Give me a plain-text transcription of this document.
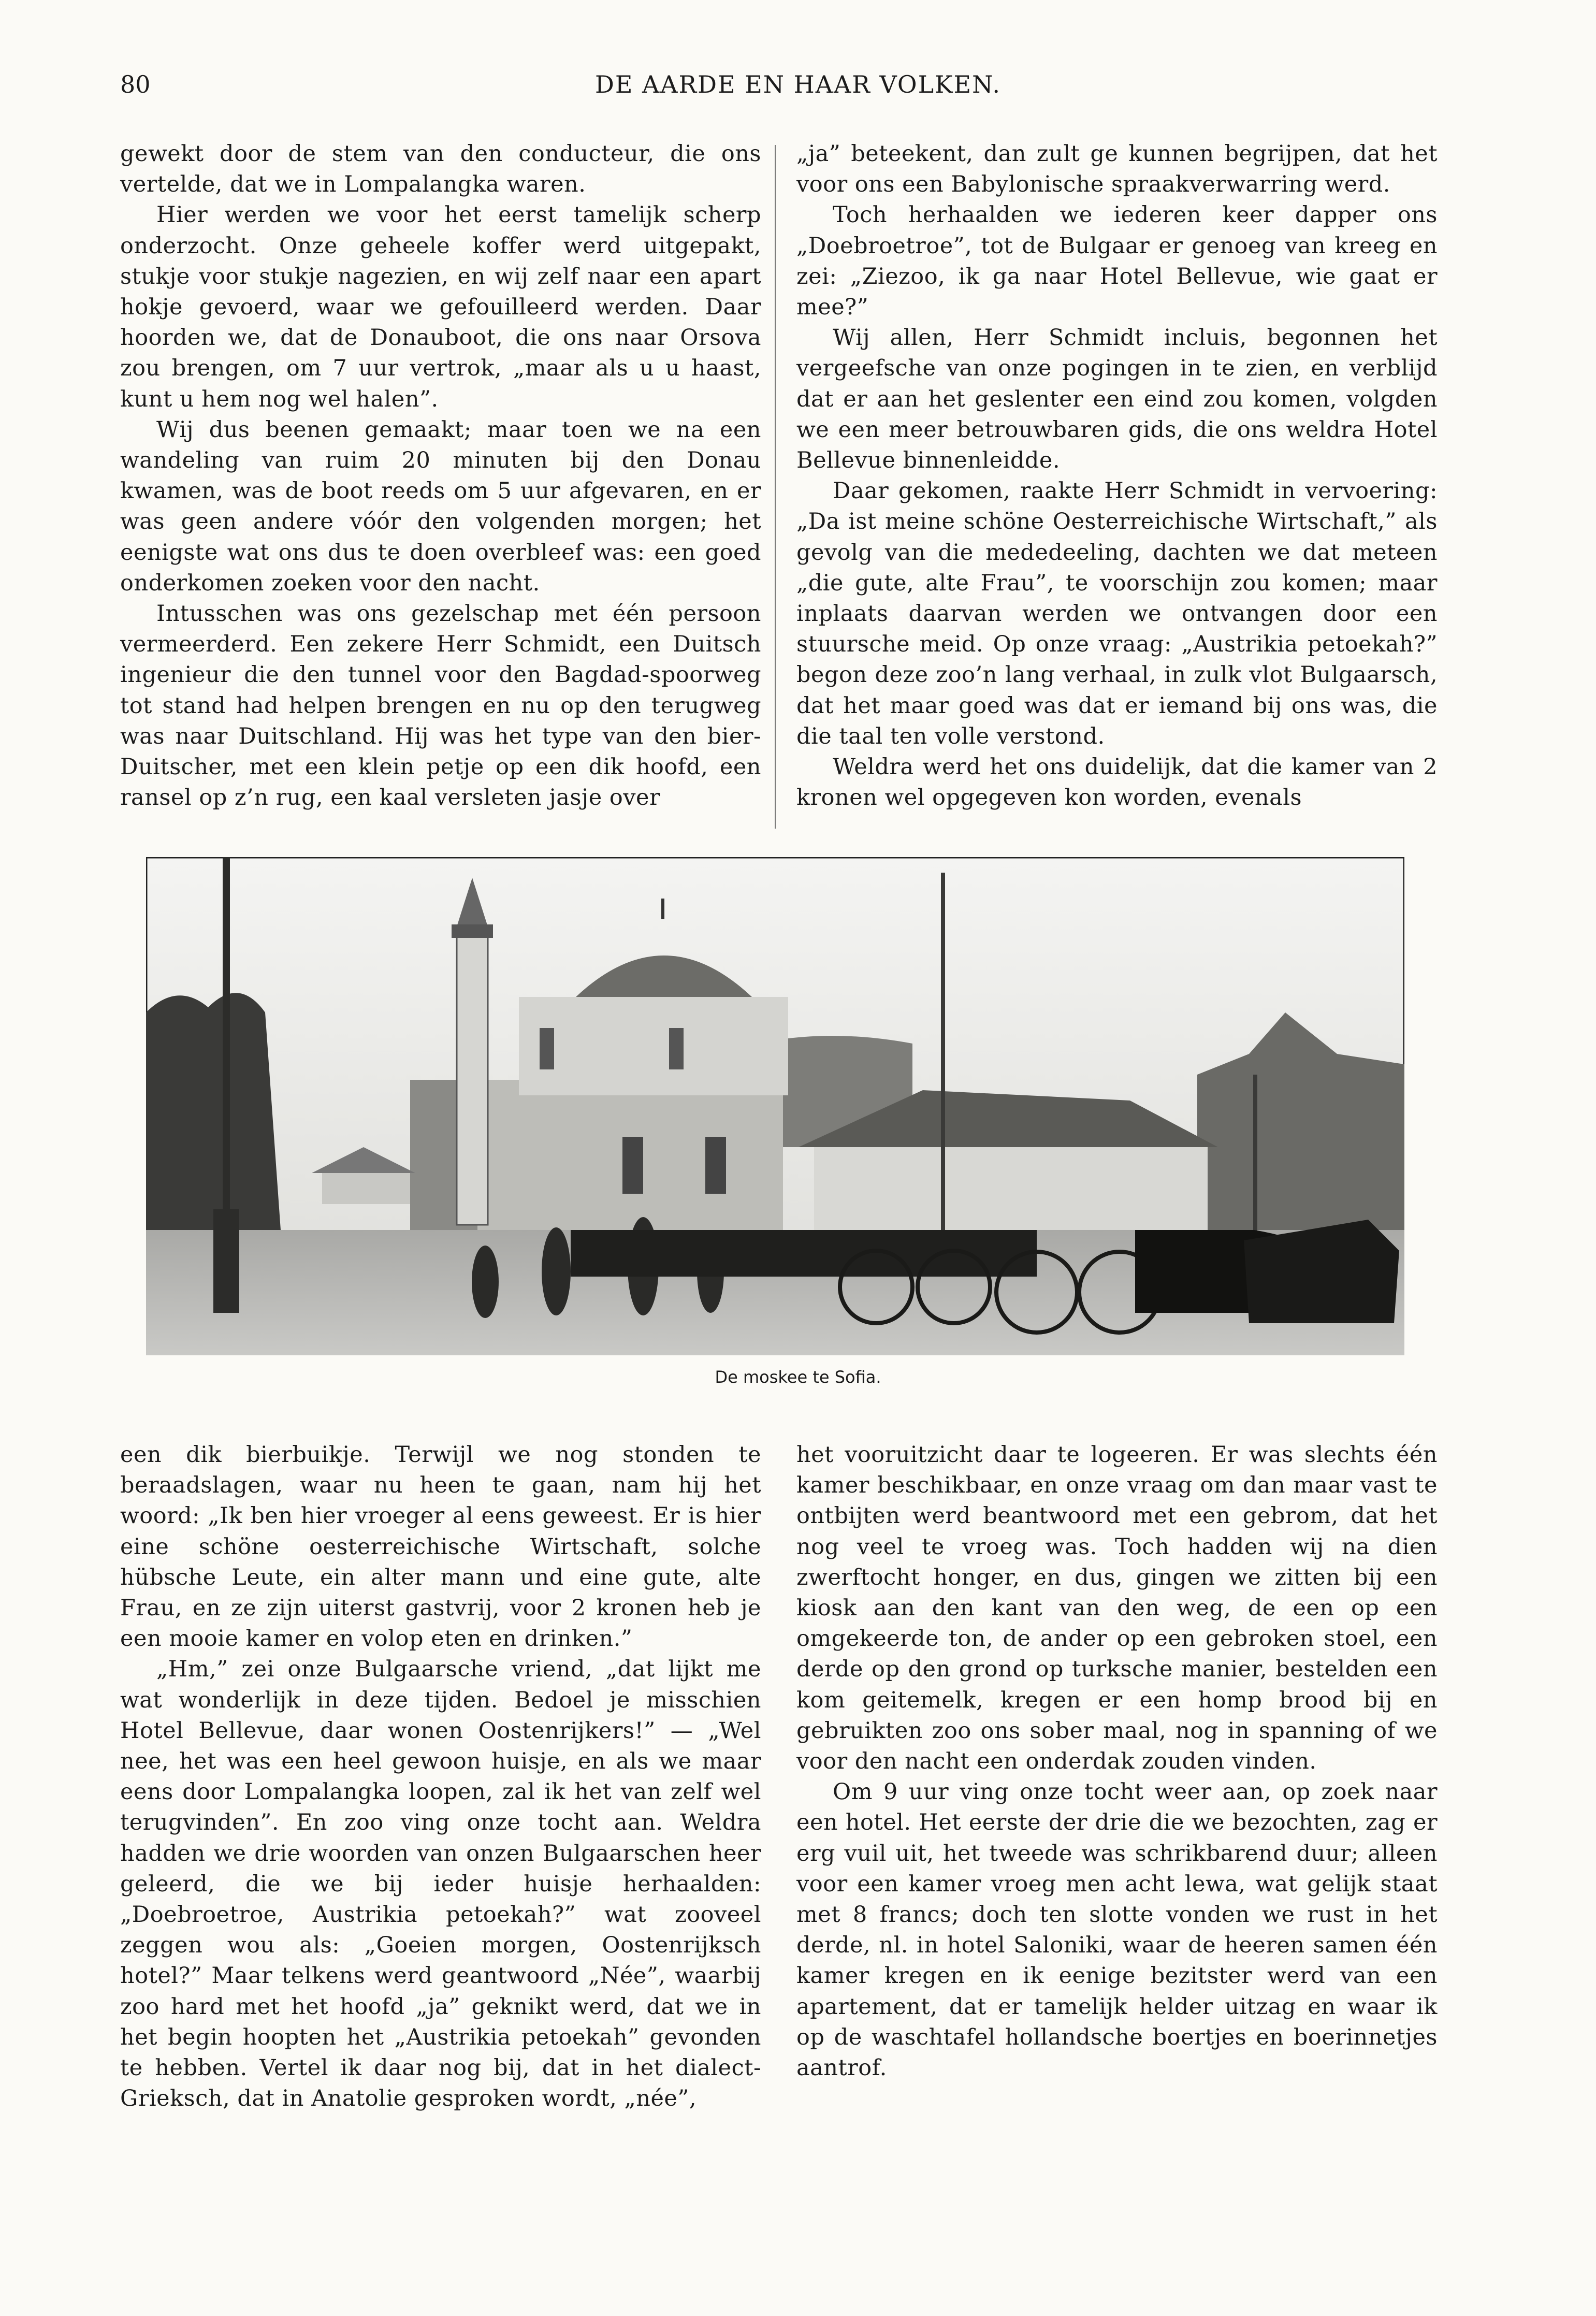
80	DE AARDE EN HAAR VOLKEN.

gewekt door de stem van den conducteur, die ons vertelde, dat we in Lompalangka waren.

Hier werden we voor het eerst tamelijk scherp onderzocht. Onze geheele koffer werd uitgepakt, stukje voor stukje nagezien, en wij zelf naar een apart hokje gevoerd, waar we gefouilleerd werden. Daar hoorden we, dat de Donauboot, die ons naar Orsova zou brengen, om 7 uur vertrok, „maar als u u haast, kunt u hem nog wel halen”.

Wij dus beenen gemaakt; maar toen we na een wandeling van ruim 20 minuten bij den Donau kwamen, was de boot reeds om 5 uur afgevaren, en er was geen andere vóór den volgenden morgen; het eenigste wat ons dus te doen overbleef was: een goed onderkomen zoeken voor den nacht.

Intusschen was ons gezelschap met één persoon vermeerderd. Een zekere Herr Schmidt, een Duitsch ingenieur die den tunnel voor den Bagdad-spoorweg tot stand had helpen brengen en nu op den terugweg was naar Duitschland. Hij was het type van den bier-Duitscher, met een klein petje op een dik hoofd, een ransel op z’n rug, een kaal versleten jasje over

„ja” beteekent, dan zult ge kunnen begrijpen, dat het voor ons een Babylonische spraakverwarring werd.

Toch herhaalden we iederen keer dapper ons „Doebroetroe”, tot de Bulgaar er genoeg van kreeg en zei: „Ziezoo, ik ga naar Hotel Bellevue, wie gaat er mee?”

Wij allen, Herr Schmidt incluis, begonnen het vergeefsche van onze pogingen in te zien, en verblijd dat er aan het geslenter een eind zou komen, volgden we een meer betrouwbaren gids, die ons weldra Hotel Bellevue binnenleidde.

Daar gekomen, raakte Herr Schmidt in vervoering: „Da ist meine schöne Oesterreichische Wirtschaft,” als gevolg van die mededeeling, dachten we dat meteen „die gute, alte Frau”, te voorschijn zou komen; maar inplaats daarvan werden we ontvangen door een stuursche meid. Op onze vraag: „Austrikia petoekah?” begon deze zoo’n lang verhaal, in zulk vlot Bulgaarsch, dat het maar goed was dat er iemand bij ons was, die die taal ten volle verstond.

Weldra werd het ons duidelijk, dat die kamer van 2 kronen wel opgegeven kon worden, evenals

De moskee te Sofia.

een dik bierbuikje. Terwijl we nog stonden te beraadslagen, waar nu heen te gaan, nam hij het woord: „Ik ben hier vroeger al eens geweest. Er is hier eine schöne oesterreichische Wirtschaft, solche hübsche Leute, ein alter mann und eine gute, alte Frau, en ze zijn uiterst gastvrij, voor 2 kronen heb je een mooie kamer en volop eten en drinken.”

„Hm,” zei onze Bulgaarsche vriend, „dat lijkt me wat wonderlijk in deze tijden. Bedoel je misschien Hotel Bellevue, daar wonen Oostenrijkers!” — „Wel nee, het was een heel gewoon huisje, en als we maar eens door Lompalangka loopen, zal ik het van zelf wel terugvinden”. En zoo ving onze tocht aan. Weldra hadden we drie woorden van onzen Bulgaarschen heer geleerd, die we bij ieder huisje herhaalden: „Doebroetroe, Austrikia petoekah?” wat zooveel zeggen wou als: „Goeien morgen, Oostenrijksch hotel?” Maar telkens werd geantwoord „Née”, waarbij zoo hard met het hoofd „ja” geknikt werd, dat we in het begin hoopten het „Austrikia petoekah” gevonden te hebben. Vertel ik daar nog bij, dat in het dialect-Grieksch, dat in Anatolie gesproken wordt, „née”,

het vooruitzicht daar te logeeren. Er was slechts één kamer beschikbaar, en onze vraag om dan maar vast te ontbijten werd beantwoord met een gebrom, dat het nog veel te vroeg was. Toch hadden wij na dien zwerftocht honger, en dus, gingen we zitten bij een kiosk aan den kant van den weg, de een op een omgekeerde ton, de ander op een gebroken stoel, een derde op den grond op turksche manier, bestelden een kom geitemelk, kregen er een homp brood bij en gebruikten zoo ons sober maal, nog in spanning of we voor den nacht een onderdak zouden vinden.

Om 9 uur ving onze tocht weer aan, op zoek naar een hotel. Het eerste der drie die we bezochten, zag er erg vuil uit, het tweede was schrikbarend duur; alleen voor een kamer vroeg men acht lewa, wat gelijk staat met 8 francs; doch ten slotte vonden we rust in het derde, nl. in hotel Saloniki, waar de heeren samen één kamer kregen en ik eenige bezitster werd van een apartement, dat er tamelijk helder uitzag en waar ik op de waschtafel hollandsche boertjes en boerinnetjes aantrof.
